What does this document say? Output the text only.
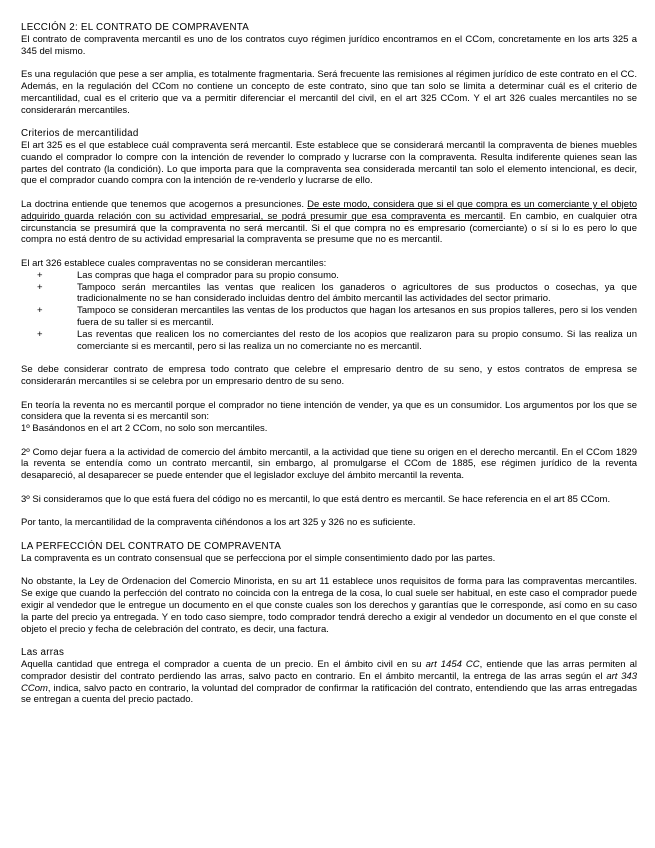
LECCIÓN 2: EL CONTRATO DE COMPRAVENTA

El contrato de compraventa mercantil es uno de los contratos cuyo régimen jurídico encontramos en el CCom, concretamente en los arts 325 a 345 del mismo.

Es una regulación que pese a ser amplia, es totalmente fragmentaria. Será frecuente las remisiones al régimen jurídico de este contrato en el CC. Además, en la regulación del CCom no contiene un concepto de este contrato, sino que tan solo se limita a determinar cuál es el criterio de mercantilidad, cual es el criterio que va a permitir diferenciar el mercantil del civil, en el art 325 CCom. Y el art 326 cuales mercantiles no se considerarán mercantiles.

Criterios de mercantilidad

El art 325 es el que establece cuál compraventa será mercantil. Este establece que se considerará mercantil la compraventa de bienes muebles cuando el comprador lo compre con la intención de revender lo comprado y lucrarse con la compraventa. Resulta indiferente quienes sean las partes del contrato (la condición). Lo que importa para que la compraventa sea considerada mercantil tan solo el elemento intencional, es decir, que el comprador cuando compra con la intención de re-venderlo y lucrarse de ello.

La doctrina entiende que tenemos que acogernos a presunciones. De este modo, considera que si el que compra es un comerciante y el objeto adquirido guarda relación con su actividad empresarial, se podrá presumir que esa compraventa es mercantil. En cambio, en cualquier otra circunstancia se presumirá que la compraventa no será mercantil. Si el que compra no es empresario (comerciante) o sí si lo es pero lo que compra no está dentro de su actividad empresarial la compraventa se presume que no es mercantil.

El art 326 establece cuales compraventas no se consideran mercantiles:

+	Las compras que haga el comprador para su propio consumo.
+	Tampoco serán mercantiles las ventas que realicen los ganaderos o agricultores de sus productos o cosechas, ya que tradicionalmente no se han considerado incluidas dentro del ámbito mercantil las actividades del sector primario.
+	Tampoco se consideran mercantiles las ventas de los productos que hagan los artesanos en sus propios talleres, pero si los venden fuera de su taller si es mercantil.
+	Las reventas que realicen los no comerciantes del resto de los acopios que realizaron para su propio consumo. Si las realiza un comerciante si es mercantil, pero si las realiza un no comerciante no es mercantil.

Se debe considerar contrato de empresa todo contrato que celebre el empresario dentro de su seno, y estos contratos de empresa se considerarán mercantiles si se celebra por un empresario dentro de su seno.

En teoría la reventa no es mercantil porque el comprador no tiene intención de vender, ya que es un consumidor. Los argumentos por los que se considera que la reventa si es mercantil son:

1º Basándonos en el art 2 CCom, no solo son mercantiles.

2º Como dejar fuera a la actividad de comercio del ámbito mercantil, a la actividad que tiene su origen en el derecho mercantil. En el CCom 1829 la reventa se entendía como un contrato mercantil, sin embargo, al promulgarse el CCom de 1885, ese régimen jurídico de la reventa desapareció, al desaparecer se puede entender que el legislador excluye del ámbito mercantil la reventa.

3º Si consideramos que lo que está fuera del código no es mercantil, lo que está dentro es mercantil. Se hace referencia en el art 85 CCom.

Por tanto, la mercantilidad de la compraventa ciñéndonos a los art 325 y 326 no es suficiente.

LA PERFECCIÓN DEL CONTRATO DE COMPRAVENTA

La compraventa es un contrato consensual que se perfecciona por el simple consentimiento dado por las partes.

No obstante, la Ley de Ordenacion del Comercio Minorista, en su art 11 establece unos requisitos de forma para las compraventas mercantiles. Se exige que cuando la perfección del contrato no coincida con la entrega de la cosa, lo cual suele ser habitual, en este caso el comprador puede exigir al vendedor que le entregue un documento en el que conste cuales son los derechos y garantías que le corresponde, así como en su caso la parte del precio ya entregada. Y en todo caso siempre, todo comprador tendrá derecho a exigir al vendedor un documento en el que conste el objeto el precio y fecha de celebración del contrato, es decir, una factura.

Las arras

Aquella cantidad que entrega el comprador a cuenta de un precio. En el ámbito civil en su art 1454 CC, entiende que las arras permiten al comprador desistir del contrato perdiendo las arras, salvo pacto en contrario. En el ámbito mercantil, la entrega de las arras según el art 343 CCom, indica, salvo pacto en contrario, la voluntad del comprador de confirmar la ratificación del contrato, entendiendo que las arras entregadas se entregan a cuenta del precio pactado.
